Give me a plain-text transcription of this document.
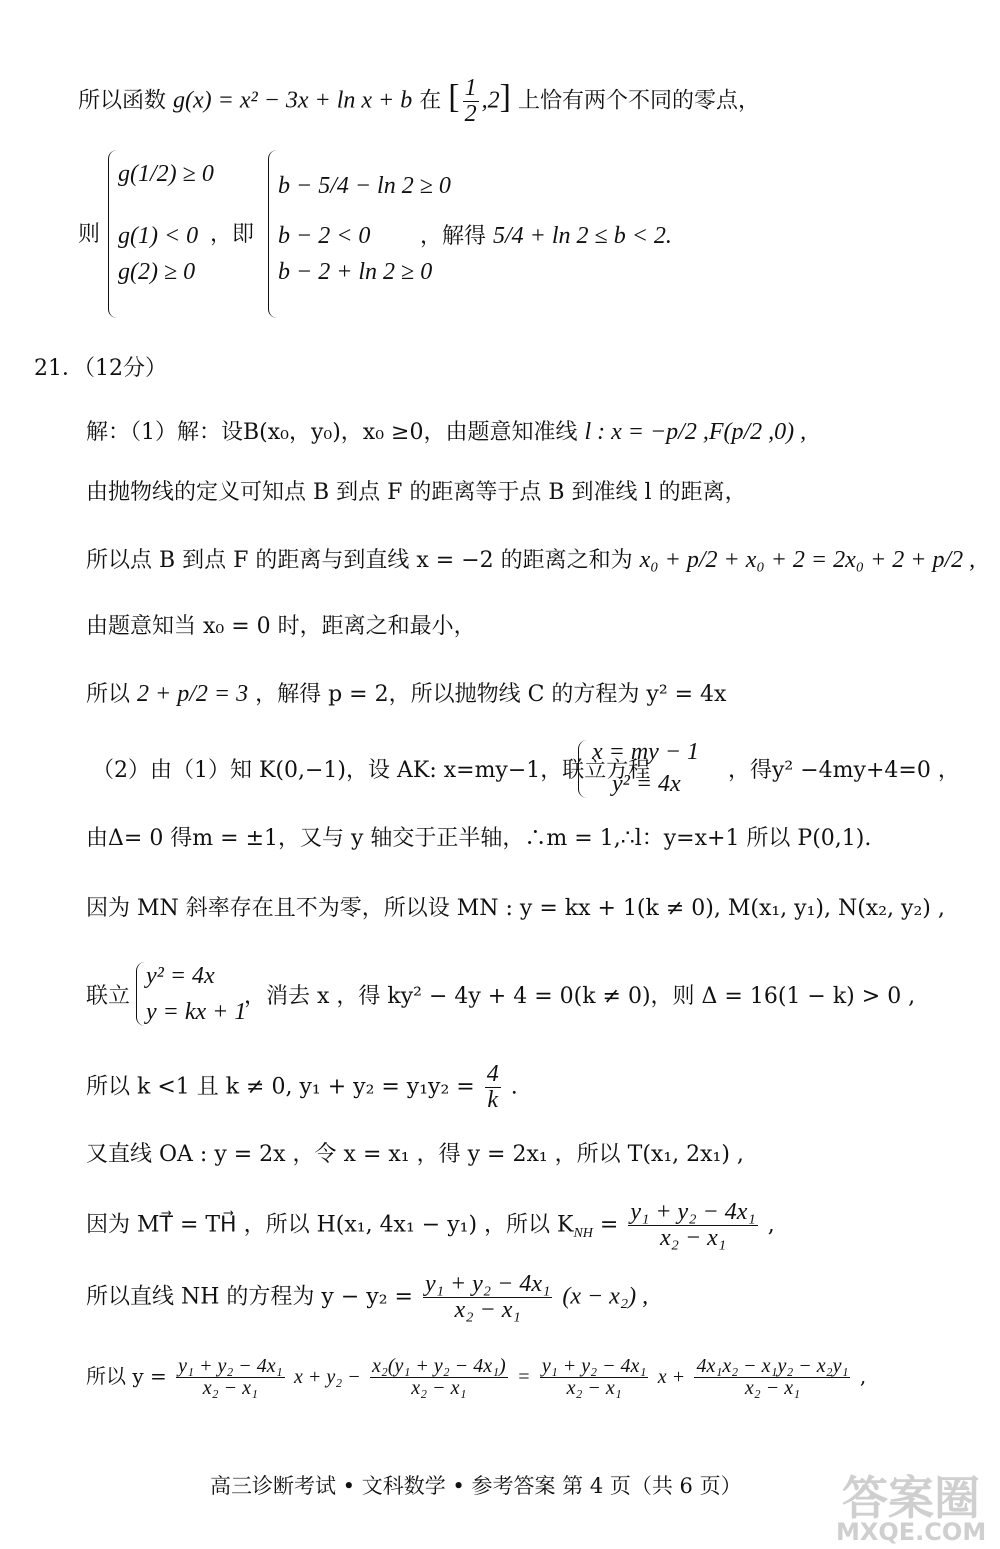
所以函数 g(x) = x² − 3x + ln x + b 在 [ $\frac{1}{2} ,2$] 上恰有两个不同的零点，
则
g(1/2) ≥ 0
g(1) < 0
g(2) ≥ 0
，即
b − 5/4 − ln 2 ≥ 0
b − 2 < 0
b − 2 + ln 2 ≥ 0
，解得 5/4 + ln 2 ≤ b < 2.
21．（12分）
解：（1）解：设B(x₀，y₀)，x₀ ≥0，由题意知准线 l : x = −p/2 ,F(p/2 ,0) ,
由抛物线的定义可知点 B 到点 F 的距离等于点 B 到准线 l 的距离，
所以点 B 到点 F 的距离与到直线 x = −2 的距离之和为 x₀ + p/2 + x₀ + 2 = 2x₀ + 2 + p/2 ,
由题意知当 x₀ = 0 时，距离之和最小，
所以 2 + p/2 = 3 ，解得 p = 2，所以抛物线 C 的方程为 y² = 4x
（2）由（1）知 K(0,−1)，设 AK: x=my−1，联立方程
x = my − 1
y² = 4x
，得y² −4my+4=0 ，
由Δ= 0 得m = ±1，又与 y 轴交于正半轴，∴m = 1,∴l：y=x+1 所以 P(0,1).
因为 MN 斜率存在且不为零，所以设 MN : y = kx + 1(k ≠ 0), M(x₁, y₁), N(x₂, y₂) ,
联立
y² = 4x
y = kx + 1
，消去 x ，得 ky² − 4y + 4 = 0(k ≠ 0)，则 Δ = 16(1 − k) > 0 ,
所以 k <1 且 k ≠ 0, $y_1 + y_2 = y_1y_2 = \frac{4}{k}$ .
又直线 OA : y = 2x ，令 x = x₁ ，得 y = 2x₁ ，所以 T(x₁, 2x₁) ,
因为 MT⃗ = TH⃗ ，所以 H(x₁, 4x₁ − y₁) ，所以 $K_{NH} = \frac{\text{y₁ + y₂ − 4x₁}}{\text{x₂ − x₁}}$ ,
所以直线 NH 的方程为 $y - y_2 = \frac{\text{y₁ + y₂ − 4x₁}}{\text{x₂ − x₁}} (x - x_2)$ ,
所以 $y = \frac{\text{y₁ + y₂ − 4x₁}}{\text{x₂ − x₁}}$ $x + y_2 - \frac{\text{x₂(y₁ + y₂ − 4x₁)}}{\text{x₂ − x₁}} = \frac{\text{y₁ + y₂ − 4x₁}}{\text{x₂ − x₁}}$ $x + \frac{\text{4x₁x₂ − x₁y₂ − x₂y₁}}{\text{x₂ − x₁}}$ ,
高三诊断考试 • 文科数学 • 参考答案 第 4 页（共 6 页） 答案圈
MXQE.COM
